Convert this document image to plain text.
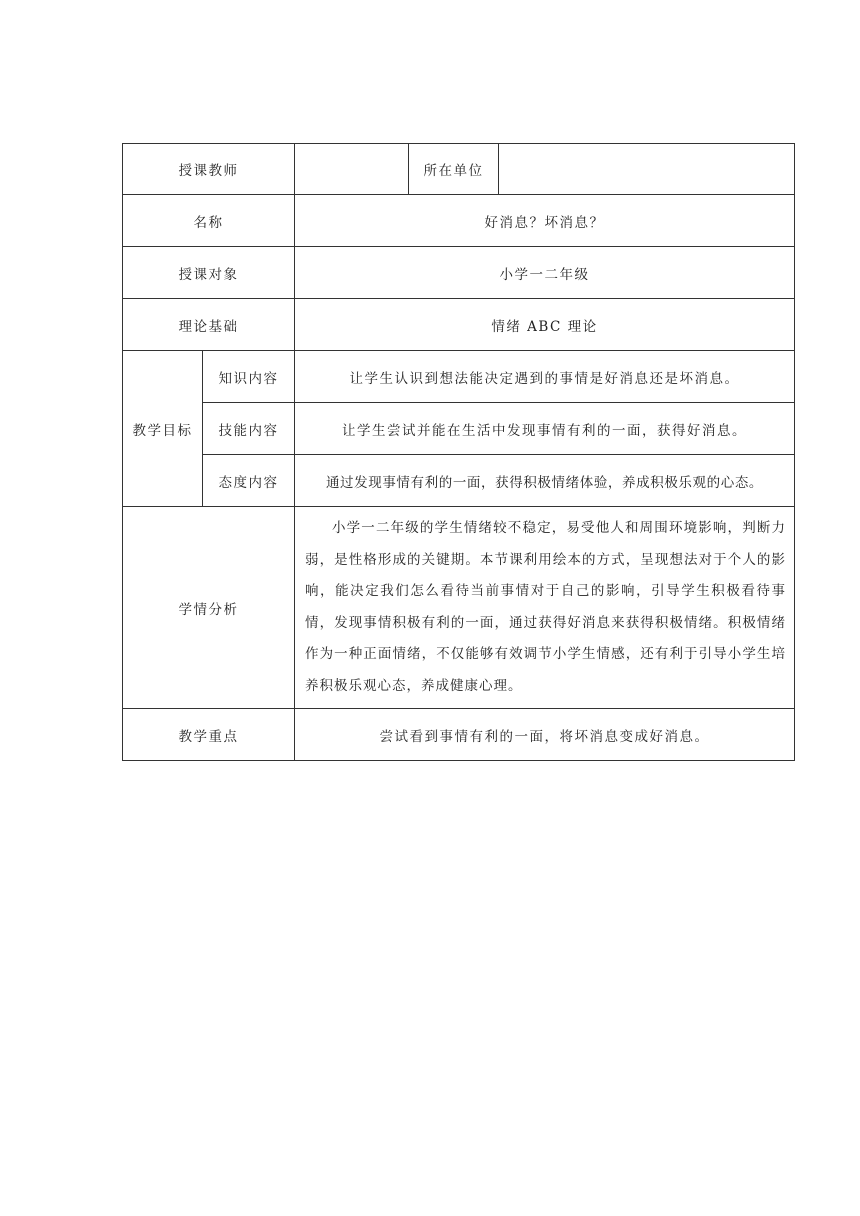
授课教师			所在单位	
名称		好消息？坏消息？		
授课对象		小学一二年级		
理论基础		情绪 ABC 理论		
教学目标	知识内容	让学生认识到想法能决定遇到的事情是好消息还是坏消息。		
	技能内容	让学生尝试并能在生活中发现事情有利的一面，获得好消息。		
	态度内容	通过发现事情有利的一面，获得积极情绪体验，养成积极乐观的心态。		
学情分析		小学一二年级的学生情绪较不稳定，易受他人和周围环境影响，判断力弱，是性格形成的关键期。本节课利用绘本的方式，呈现想法对于个人的影响，能决定我们怎么看待当前事情对于自己的影响，引导学生积极看待事情，发现事情积极有利的一面，通过获得好消息来获得积极情绪。积极情绪作为一种正面情绪，不仅能够有效调节小学生情感，还有利于引导小学生培养积极乐观心态，养成健康心理。		
教学重点		尝试看到事情有利的一面，将坏消息变成好消息。		
